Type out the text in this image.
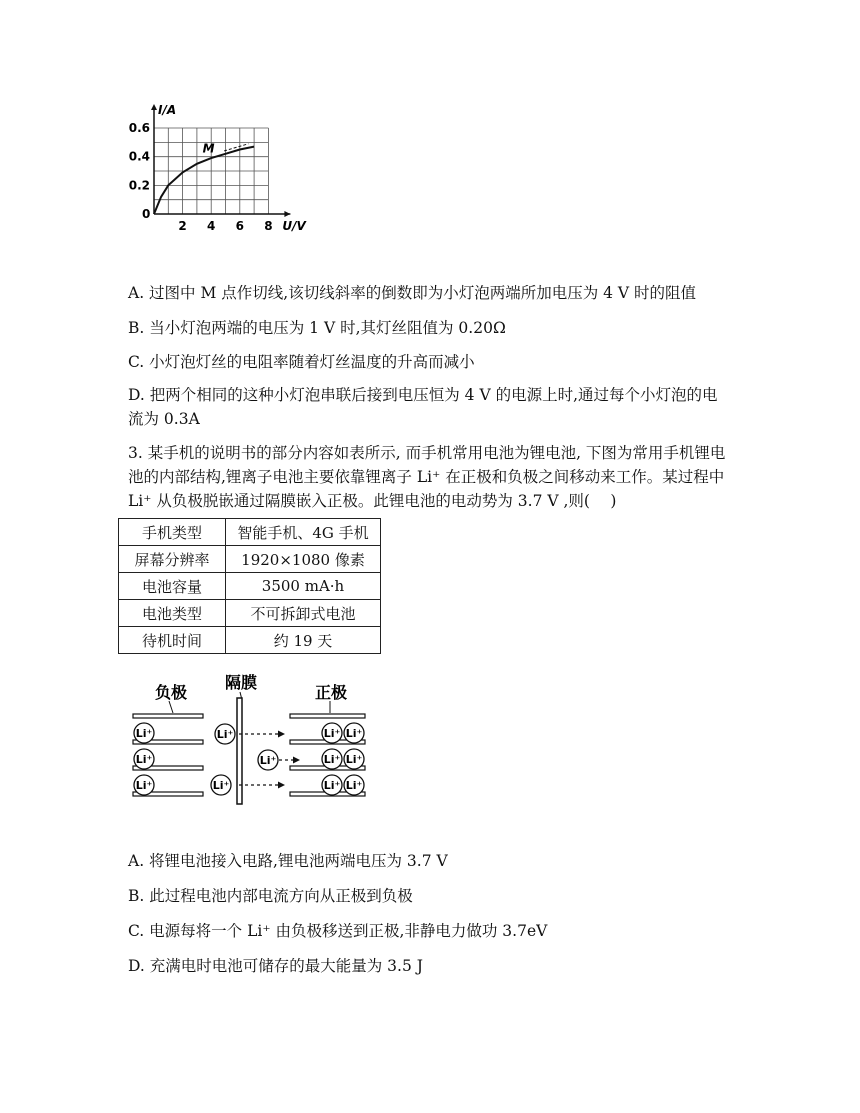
2 4 6 8
0.6
0.4
0.2
I/A
U/V
0
M
A. 过图中 M 点作切线,该切线斜率的倒数即为小灯泡两端所加电压为 4 V 时的阻值
B. 当小灯泡两端的电压为 1 V 时,其灯丝阻值为 0.20Ω
C. 小灯泡灯丝的电阻率随着灯丝温度的升高而减小
D. 把两个相同的这种小灯泡串联后接到电压恒为 4 V 的电源上时,通过每个小灯泡的电流为 0.3A
3. 某手机的说明书的部分内容如表所示, 而手机常用电池为锂电池, 下图为常用手机锂电池的内部结构,锂离子电池主要依靠锂离子 Li⁺ 在正极和负极之间移动来工作。某过程中 Li⁺ 从负极脱嵌通过隔膜嵌入正极。此锂电池的电动势为 3.7 V ,则(　 )
手机类型	智能手机、4G 手机
屏幕分辨率	1920×1080 像素
电池容量	3500 mA·h
电池类型	不可拆卸式电池
待机时间	约 19 天
负极
隔膜
正极
Li⁺
Li⁺
Li⁺
Li⁺
Li⁺
Li⁺
Li⁺ Li⁺
Li⁺ Li⁺
Li⁺ Li⁺
A. 将锂电池接入电路,锂电池两端电压为 3.7 V
B. 此过程电池内部电流方向从正极到负极
C. 电源每将一个 Li⁺ 由负极移送到正极,非静电力做功 3.7eV
D. 充满电时电池可储存的最大能量为 3.5 J
